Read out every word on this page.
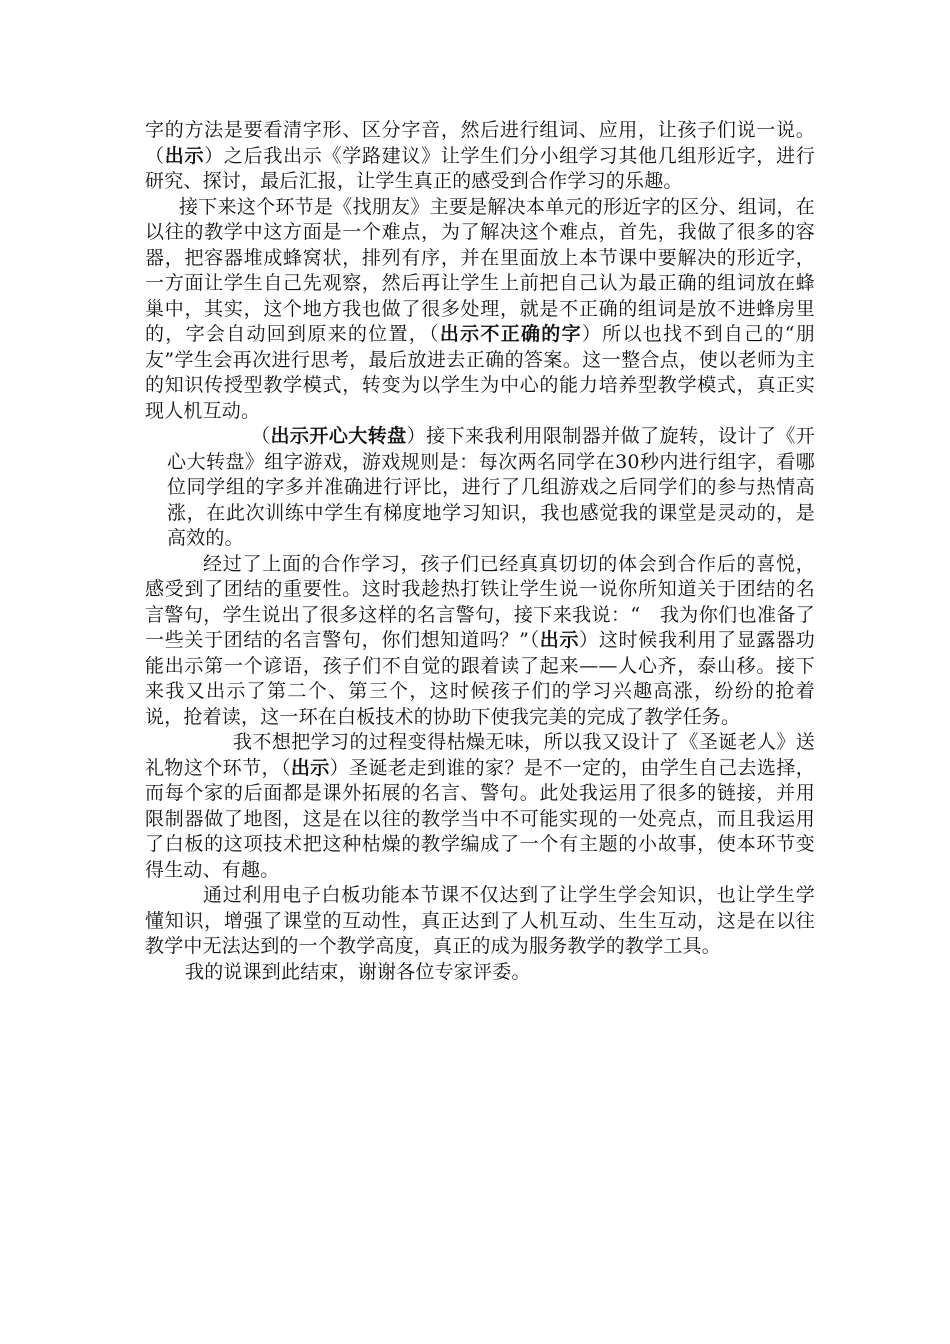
字的方法是要看清字形、区分字音，然后进行组词、应用，让孩子们说一说。（出示）之后我出示《学路建议》让学生们分小组学习其他几组形近字，进行研究、探讨，最后汇报，让学生真正的感受到合作学习的乐趣。

接下来这个环节是《找朋友》主要是解决本单元的形近字的区分、组词，在以往的教学中这方面是一个难点，为了解决这个难点，首先，我做了很多的容器，把容器堆成蜂窝状，排列有序，并在里面放上本节课中要解决的形近字，一方面让学生自己先观察，然后再让学生上前把自己认为最正确的组词放在蜂巢中，其实，这个地方我也做了很多处理，就是不正确的组词是放不进蜂房里的，字会自动回到原来的位置，（出示不正确的字）所以也找不到自己的“朋友”学生会再次进行思考，最后放进去正确的答案。这一整合点，使以老师为主的知识传授型教学模式，转变为以学生为中心的能力培养型教学模式，真正实现人机互动。

（出示开心大转盘）接下来我利用限制器并做了旋转，设计了《开心大转盘》组字游戏，游戏规则是：每次两名同学在30秒内进行组字，看哪位同学组的字多并准确进行评比，进行了几组游戏之后同学们的参与热情高涨，在此次训练中学生有梯度地学习知识，我也感觉我的课堂是灵动的，是高效的。

经过了上面的合作学习，孩子们已经真真切切的体会到合作后的喜悦，感受到了团结的重要性。这时我趁热打铁让学生说一说你所知道关于团结的名言警句，学生说出了很多这样的名言警句，接下来我说：“　我为你们也准备了一些关于团结的名言警句，你们想知道吗？”（出示）这时候我利用了显露器功能出示第一个谚语，孩子们不自觉的跟着读了起来——人心齐，泰山移。接下来我又出示了第二个、第三个，这时候孩子们的学习兴趣高涨，纷纷的抢着说，抢着读，这一环在白板技术的协助下使我完美的完成了教学任务。

我不想把学习的过程变得枯燥无味，所以我又设计了《圣诞老人》送礼物这个环节，（出示）圣诞老走到谁的家？是不一定的，由学生自己去选择，而每个家的后面都是课外拓展的名言、警句。此处我运用了很多的链接，并用限制器做了地图，这是在以往的教学当中不可能实现的一处亮点，而且我运用了白板的这项技术把这种枯燥的教学编成了一个有主题的小故事，使本环节变得生动、有趣。

通过利用电子白板功能本节课不仅达到了让学生学会知识，也让学生学懂知识，增强了课堂的互动性，真正达到了人机互动、生生互动，这是在以往教学中无法达到的一个教学高度，真正的成为服务教学的教学工具。

我的说课到此结束，谢谢各位专家评委。
